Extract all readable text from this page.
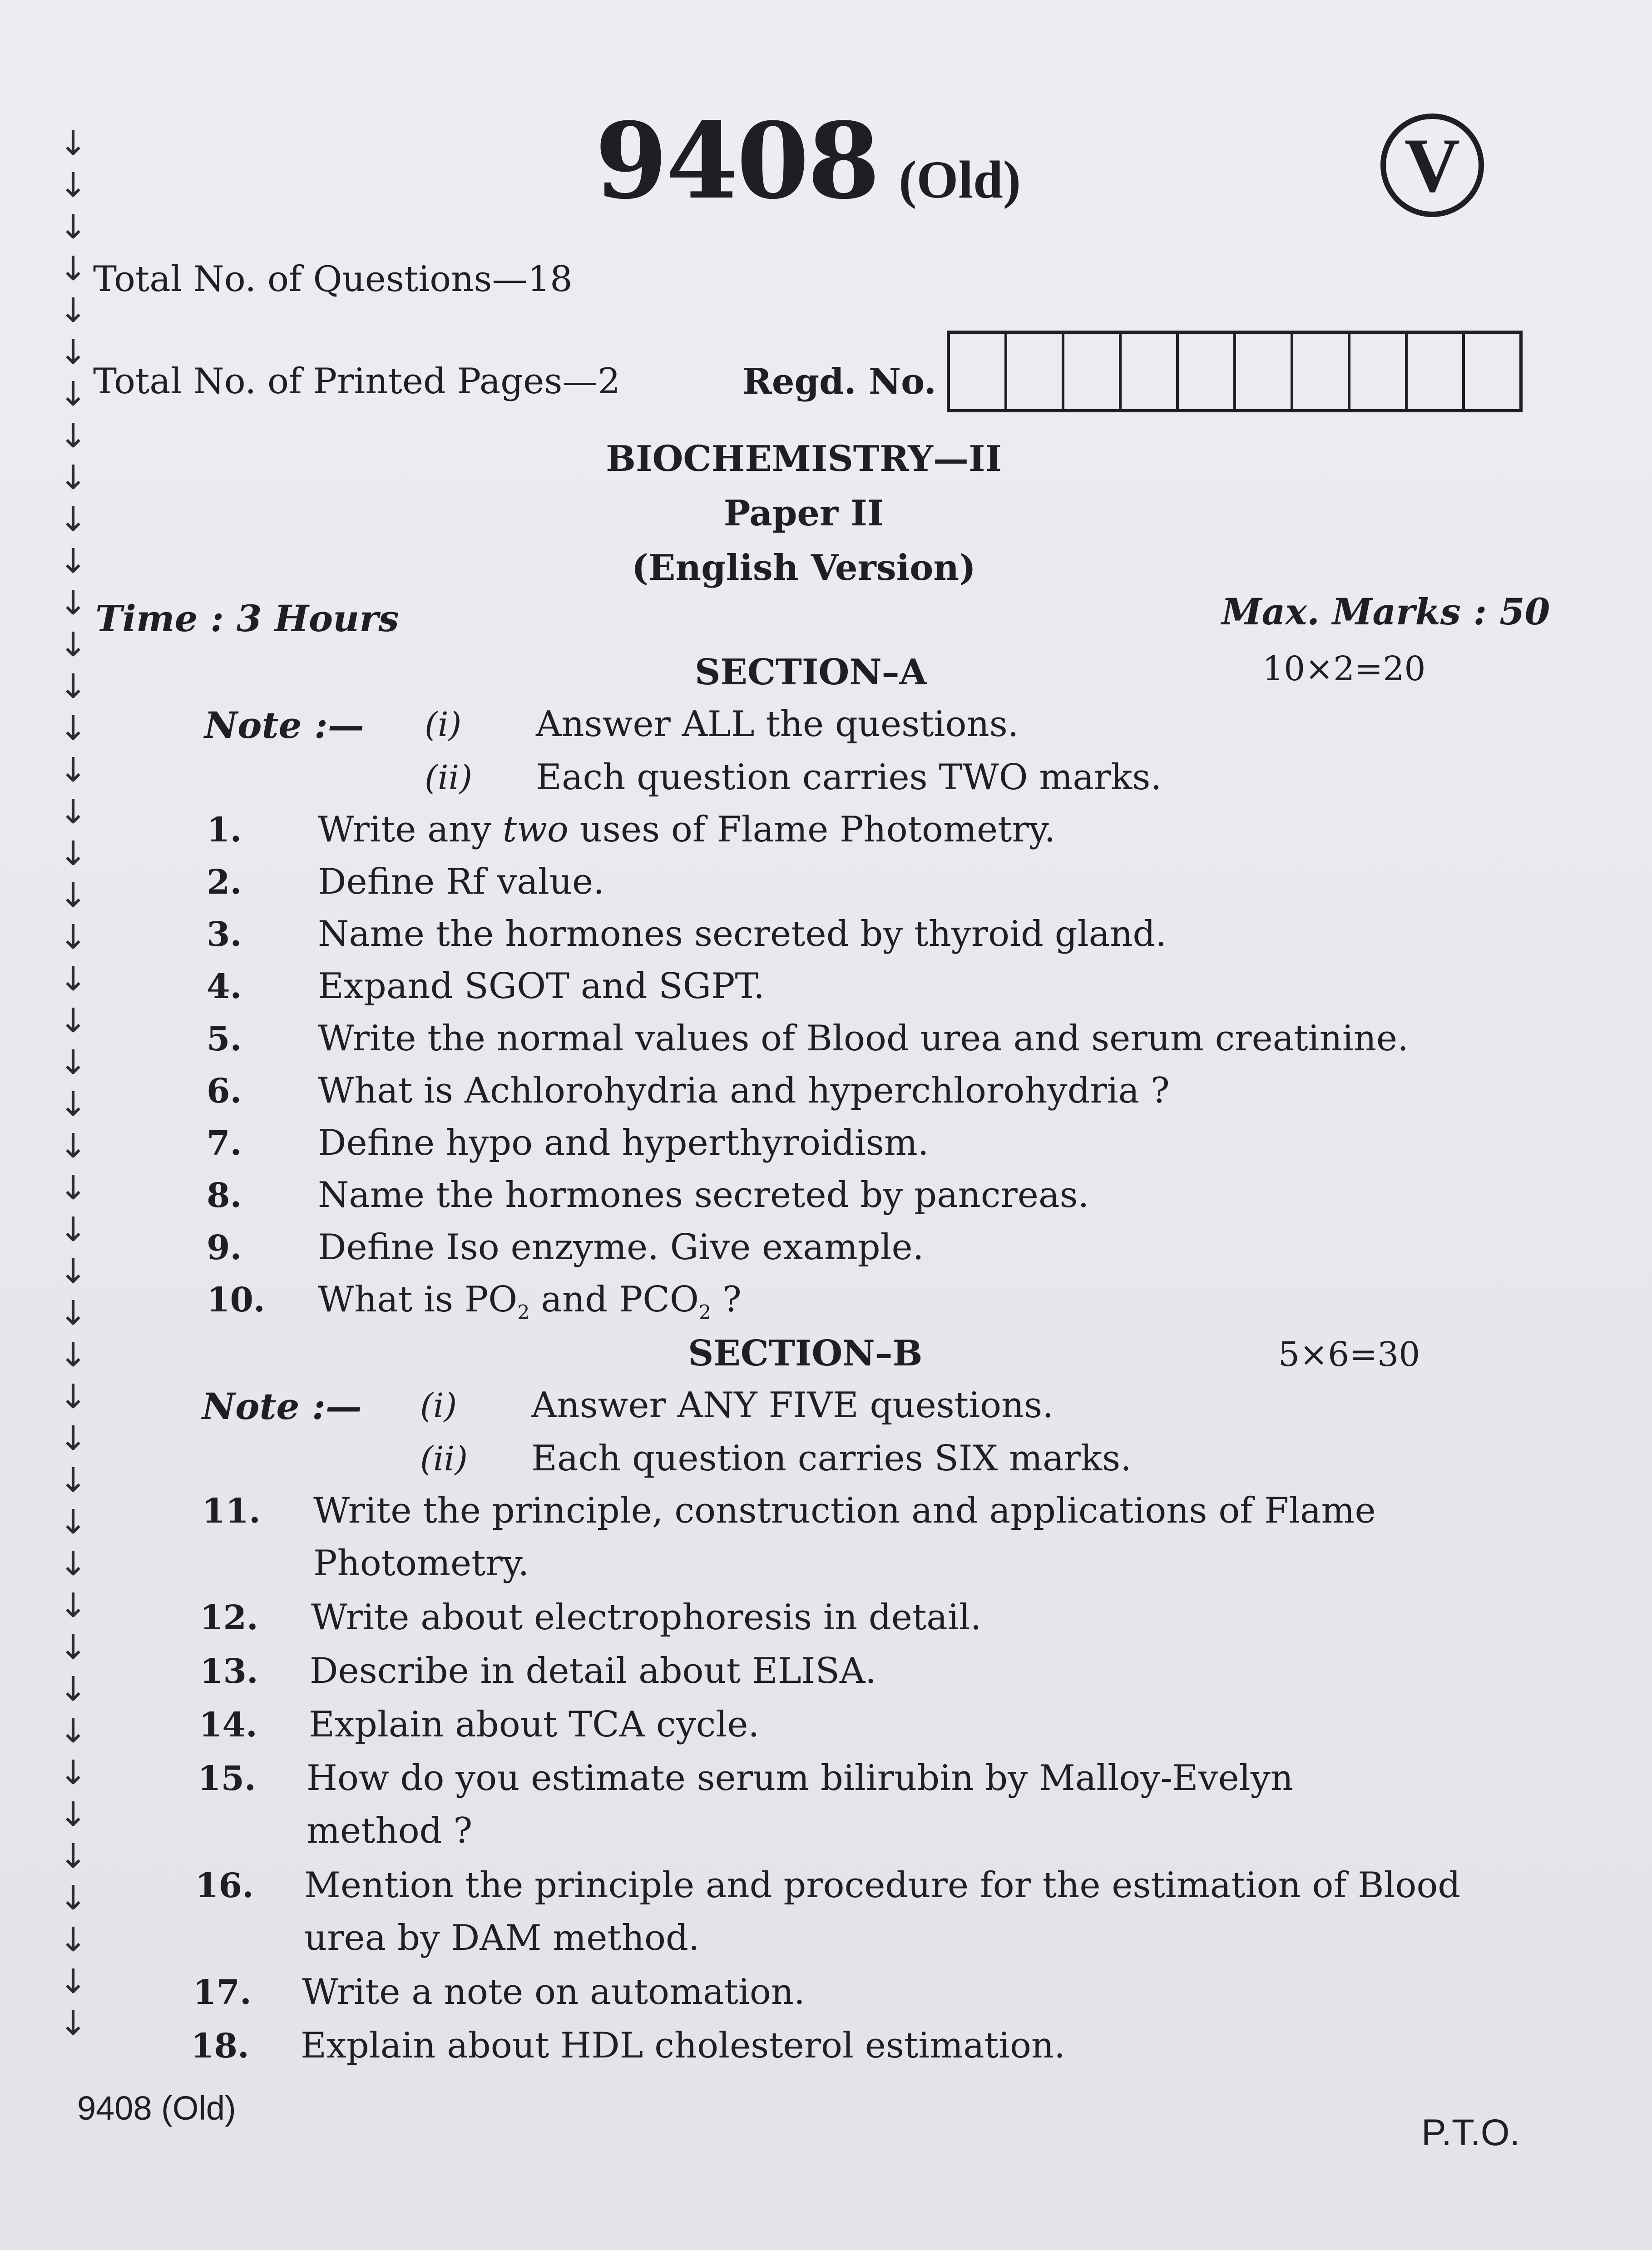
↓
↓
↓
↓
↓
↓
↓
↓
↓
↓
↓
↓
↓
↓
↓
↓
↓
↓
↓
↓
↓
↓
↓
↓
↓
↓
↓
↓
↓
↓
↓
↓
↓
↓
↓
↓
↓
↓
↓
↓
↓
↓
↓
↓
↓
↓
9408 (Old)	V
Total No. of Questions—18
Total No. of Printed Pages—2	Regd. No.
BIOCHEMISTRY—II
Paper II
(English Version)
Time : 3 Hours	Max. Marks : 50
SECTION–A	10×2=20
Note :— (i) Answer ALL the questions.
(ii) Each question carries TWO marks.
1. Write any two uses of Flame Photometry.
2. Define Rf value.
3. Name the hormones secreted by thyroid gland.
4. Expand SGOT and SGPT.
5. Write the normal values of Blood urea and serum creatinine.
6. What is Achlorohydria and hyperchlorohydria ?
7. Define hypo and hyperthyroidism.
8. Name the hormones secreted by pancreas.
9. Define Iso enzyme. Give example.
10. What is $PO_2$ and $PCO_2$ ?
SECTION–B	5×6=30
Note :— (i) Answer ANY FIVE questions.
(ii) Each question carries SIX marks.
11. Write the principle, construction and applications of Flame
Photometry.
12. Write about electrophoresis in detail.
13. Describe in detail about ELISA.
14. Explain about TCA cycle.
15. How do you estimate serum bilirubin by Malloy-Evelyn
method ?
16. Mention the principle and procedure for the estimation of Blood
urea by DAM method.
17. Write a note on automation.
18. Explain about HDL cholesterol estimation.
9408 (Old)
P.T.O.
